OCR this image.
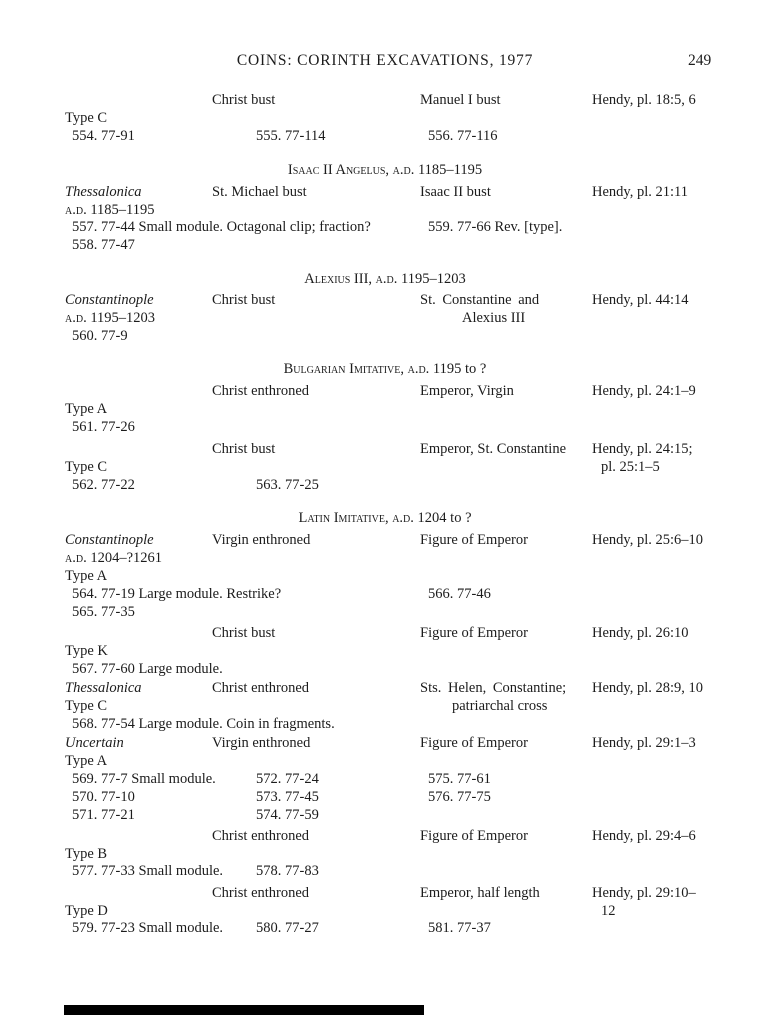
COINS: CORINTH EXCAVATIONS, 1977	249
Christ bust	Manuel I bust	Hendy, pl. 18:5, 6
Type C
554. 77-91	555. 77-114	556. 77-116
Isaac II Angelus, a.d. 1185–1195
Thessalonica	St. Michael bust	Isaac II bust	Hendy, pl. 21:11
a.d. 1185–1195
557. 77-44 Small module. Octagonal clip; fraction?	559. 77-66 Rev. [type].
558. 77-47
Alexius III, a.d. 1195–1203
Constantinople	Christ bust	St. Constantine and	Hendy, pl. 44:14
a.d. 1195–1203	Alexius III
560. 77-9
Bulgarian Imitative, a.d. 1195 to ?
Christ enthroned	Emperor, Virgin	Hendy, pl. 24:1–9
Type A
561. 77-26
Christ bust	Emperor, St. Constantine Hendy, pl. 24:15;
Type C	pl. 25:1–5
562. 77-22	563. 77-25
Latin Imitative, a.d. 1204 to ?
Constantinople	Virgin enthroned	Figure of Emperor	Hendy, pl. 25:6–10
a.d. 1204–?1261
Type A
564. 77-19 Large module. Restrike?	566. 77-46
565. 77-35
Christ bust	Figure of Emperor	Hendy, pl. 26:10
Type K
567. 77-60 Large module.
Thessalonica	Christ enthroned	Sts. Helen, Constantine; Hendy, pl. 28:9, 10
Type C	patriarchal cross
568. 77-54 Large module. Coin in fragments.
Uncertain	Virgin enthroned	Figure of Emperor	Hendy, pl. 29:1–3
Type A
569. 77-7 Small module.	572. 77-24	575. 77-61
570. 77-10	573. 77-45	576. 77-75
571. 77-21	574. 77-59
Christ enthroned	Figure of Emperor	Hendy, pl. 29:4–6
Type B
577. 77-33 Small module. 578. 77-83
Christ enthroned	Emperor, half length	Hendy, pl. 29:10–
Type D	12
579. 77-23 Small module. 580. 77-27	581. 77-37
